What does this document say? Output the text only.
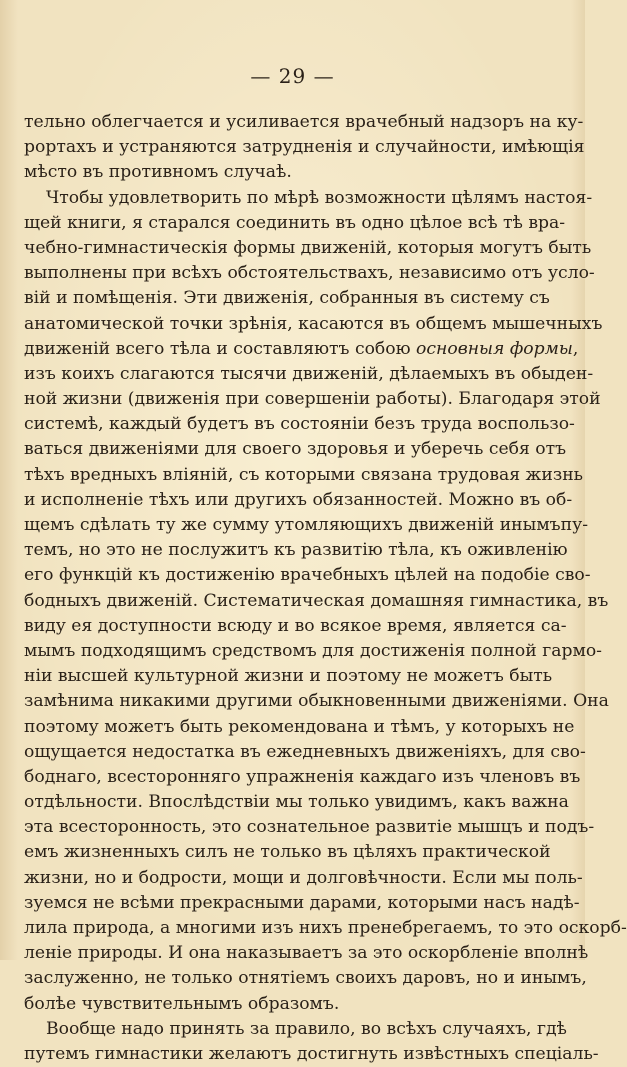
— 29 —
тельно облегчается и усиливается врачебный надзоръ на ку-
рортахъ и устраняются затрудненія и случайности, имѣющія
мѣсто въ противномъ случаѣ.
Чтобы удовлетворить по мѣрѣ возможности цѣлямъ настоя-
щей книги, я старался соединить въ одно цѣлое всѣ тѣ вра-
чебно-гимнастическія формы движеній, которыя могутъ быть
выполнены при всѣхъ обстоятельствахъ, независимо отъ усло-
вій и помѣщенія. Эти движенія, собранныя въ систему съ
анатомической точки зрѣнія, касаются въ общемъ мышечныхъ
движеній всего тѣла и составляютъ собою основныя формы,
изъ коихъ слагаются тысячи движеній, дѣлаемыхъ въ обыден-
ной жизни (движенія при совершеніи работы). Благодаря этой
системѣ, каждый будетъ въ состояніи безъ труда воспользо-
ваться движеніями для своего здоровья и уберечь себя отъ
тѣхъ вредныхъ вліяній, съ которыми связана трудовая жизнь
и исполненіе тѣхъ или другихъ обязанностей. Можно въ об-
щемъ сдѣлать ту же сумму утомляющихъ движеній инымъпу-
темъ, но это не послужитъ къ развитію тѣла, къ оживленію
его функцій къ достиженію врачебныхъ цѣлей на подобіе сво-
бодныхъ движеній. Систематическая домашняя гимнастика, въ
виду ея доступности всюду и во всякое время, является са-
мымъ подходящимъ средствомъ для достиженія полной гармо-
ніи высшей культурной жизни и поэтому не можетъ быть
замѣнима никакими другими обыкновенными движеніями. Она
поэтому можетъ быть рекомендована и тѣмъ, у которыхъ не
ощущается недостатка въ ежедневныхъ движеніяхъ, для сво-
боднаго, всесторонняго упражненія каждаго изъ членовъ въ
отдѣльности. Впослѣдствіи мы только увидимъ, какъ важна
эта всесторонность, это сознательное развитіе мышцъ и подъ-
емъ жизненныхъ силъ не только въ цѣляхъ практической
жизни, но и бодрости, мощи и долговѣчности. Если мы поль-
зуемся не всѣми прекрасными дарами, которыми насъ надѣ-
лила природа, а многими изъ нихъ пренебрегаемъ, то это оскорб-
леніе природы. И она наказываетъ за это оскорбленіе вполнѣ
заслуженно, не только отнятіемъ своихъ даровъ, но и инымъ,
болѣе чувствительнымъ образомъ.
Вообще надо принять за правило, во всѣхъ случаяхъ, гдѣ
путемъ гимнастики желаютъ достигнуть извѣстныхъ спеціаль-
